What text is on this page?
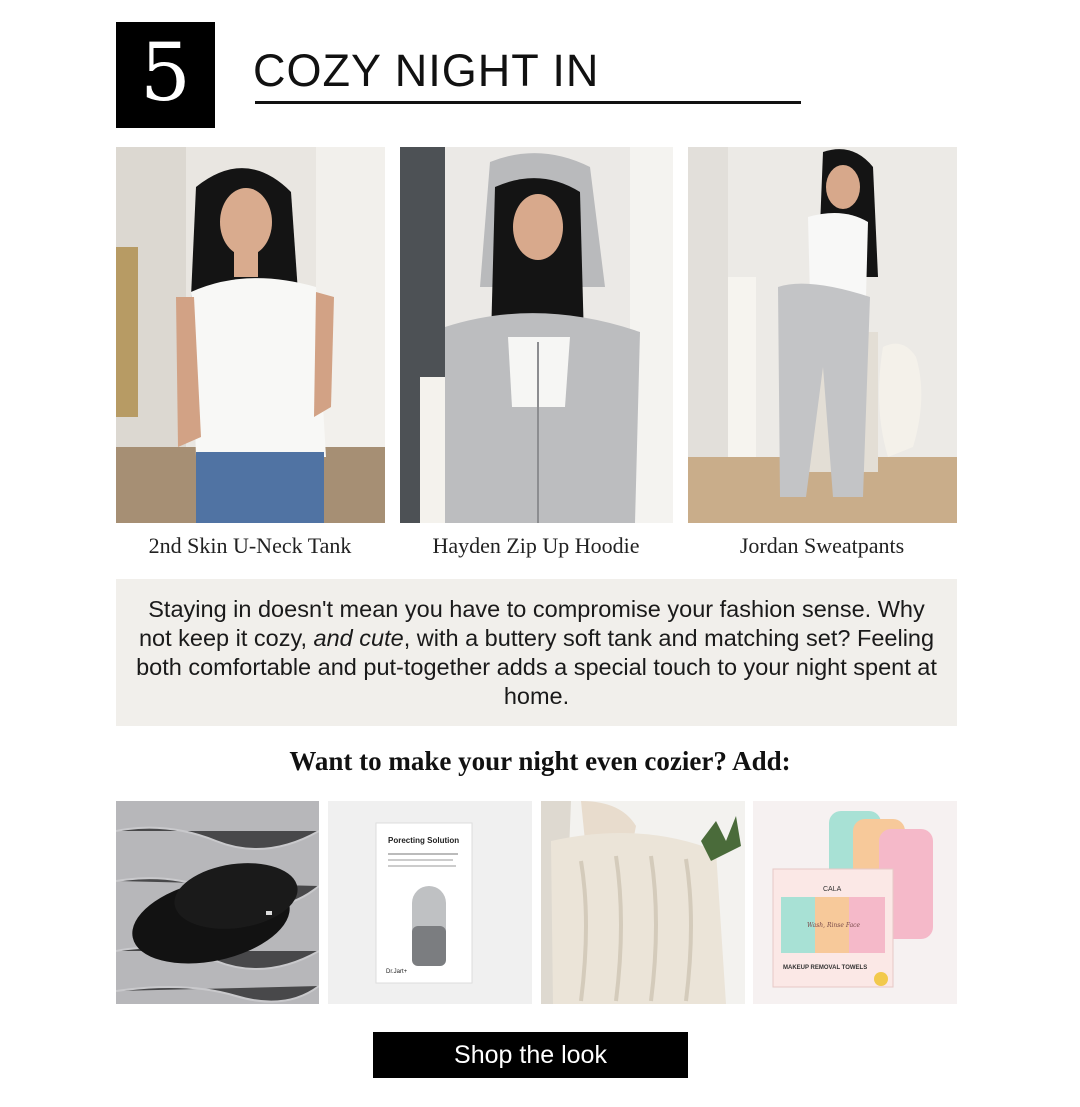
5 COZY NIGHT IN
2nd Skin U-Neck Tank	Hayden Zip Up Hoodie	Jordan Sweatpants
Staying in doesn't mean you have to compromise your fashion sense. Why not keep it cozy, and cute, with a buttery soft tank and matching set? Feeling both comfortable and put-together adds a special touch to your night spent at home.
Want to make your night even cozier? Add:
Porecting Solution
Dr.Jart+
CALA
Wash, Rinse Face
MAKEUP REMOVAL TOWELS
Shop the look
